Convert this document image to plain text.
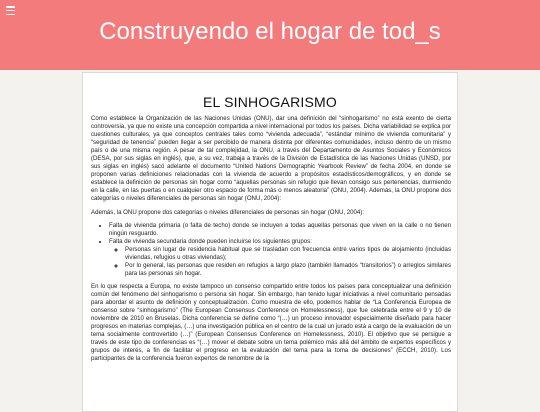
Construyendo el hogar de tod_s
EL SINHOGARISMO

Como establece la Organización de las Naciones Unidas (ONU), dar una definición del “sinhogarismo” no está exento de cierta controversia, ya que no existe una concepción compartida a nivel internacional por todos los países. Dicha variabilidad se explica por cuestiones culturales, ya que conceptos centrales tales como “vivienda adecuada”, “estándar mínimo de vivienda comunitaria” y “seguridad de tenencia” pueden llegar a ser percibido de manera distinta por diferentes comunidades, incluso dentro de un mismo país o de una misma región. A pesar de tal complejidad, la ONU, a través del Departamento de Asuntos Sociales y Económicos (DESA, por sus siglas en inglés), que, a su vez, trabaja a través de la División de Estadística de las Naciones Unidas (UNSD, por sus siglas en inglés) sacó adelante el documento “United Nations Demographic Yearbook Review” de fecha 2004, en donde se proponen varias definiciones relacionadas con la vivienda de acuerdo a propósitos estadísticos/demográficos, y en donde se establece la definición de personas sin hogar como “aquellas personas sin refugio que llevan consigo sus pertenencias, durmiendo en la calle, en las puertas o en cualquier otro espacio de forma más o menos aleatoria” (ONU, 2004). Además, la ONU propone dos categorías o niveles diferenciales de personas sin hogar (ONU, 2004):

Además, la ONU propone dos categorías o niveles diferenciales de personas sin hogar (ONU, 2004):

• Falta de vivienda primaria (o falta de techo) donde se incluyen a todas aquellas personas que viven en la calle o no tienen ningún resguardo.
• Falta de vivienda secundaria donde pueden incluirse los siguientes grupos:
◦ Personas sin lugar de residencia habitual que se trasladan con frecuencia entre varios tipos de alojamiento (incluidas viviendas, refugios u otras viviendas);
◦ Por lo general, las personas que residen en refugios a largo plazo (también llamados “transitorios”) o arreglos similares para las personas sin hogar.

En lo que respecta a Europa, no existe tampoco un consenso compartido entre todos los países para conceptualizar una definición común del fenómeno del sinhogarismo o persona sin hogar. Sin embargo, han tenido lugar iniciativas a nivel comunitario pensadas para abordar el asunto de definición y conceptualización. Como muestra de ello, podemos hablar de “La Conferencia Europea de consenso sobre “sinhogarismo” (The European Consensus Conference on Homelessness), que fue celebrada entre el 9 y 10 de noviembre de 2010 en Bruselas. Dicha conferencia se define como “(…) un proceso innovador especialmente diseñado para hacer progresos en materias complejas, (…) una investigación pública en el centro de la cual un jurado está a cargo de la evaluación de un tema socialmente controvertido (…)” (European Consensus Conference on Homelessness, 2010). El objetivo que se persigue a través de este tipo de conferencias es “(…) mover el debate sobre un tema polémico más allá del ámbito de expertos específicos y grupos de interés, a fin de facilitar el progreso en la evaluación del tema para la toma de decisiones” (ECCH, 2010). Los participantes de la conferencia fueron expertos de renombre de la
